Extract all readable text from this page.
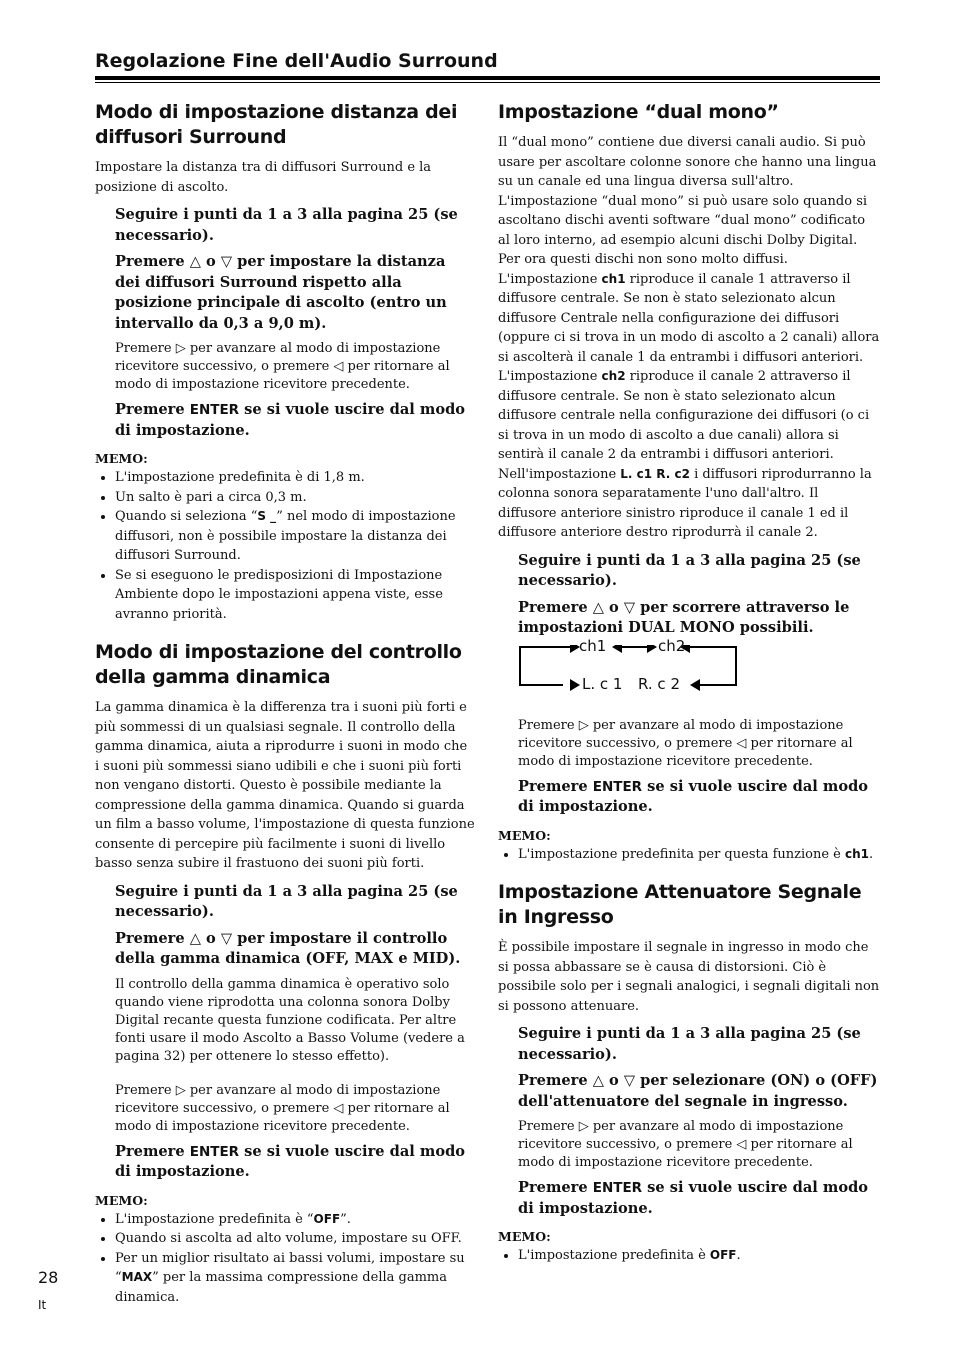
Regolazione Fine dell'Audio Surround
Modo di impostazione distanza dei diffusori Surround

Impostare la distanza tra di diffusori Surround e la posizione di ascolto.

Seguire i punti da 1 a 3 alla pagina 25 (se necessario).
Premere △ o ▽ per impostare la distanza dei diffusori Surround rispetto alla posizione principale di ascolto (entro un intervallo da 0,3 a 9,0 m).
Premere ▷ per avanzare al modo di impostazione ricevitore successivo, o premere ◁ per ritornare al modo di impostazione ricevitore precedente.
Premere ENTER se si vuole uscire dal modo di impostazione.
MEMO:
• L'impostazione predefinita è di 1,8 m.
• Un salto è pari a circa 0,3 m.
• Quando si seleziona “S _” nel modo di impostazione diffusori, non è possibile impostare la distanza dei diffusori Surround.
• Se si eseguono le predisposizioni di Impostazione Ambiente dopo le impostazioni appena viste, esse avranno priorità.
Modo di impostazione del controllo della gamma dinamica

La gamma dinamica è la differenza tra i suoni più forti e più sommessi di un qualsiasi segnale. Il controllo della gamma dinamica, aiuta a riprodurre i suoni in modo che i suoni più sommessi siano udibili e che i suoni più forti non vengano distorti. Questo è possibile mediante la compressione della gamma dinamica. Quando si guarda un film a basso volume, l'impostazione di questa funzione consente di percepire più facilmente i suoni di livello basso senza subire il frastuono dei suoni più forti.

Seguire i punti da 1 a 3 alla pagina 25 (se necessario).
Premere △ o ▽ per impostare il controllo della gamma dinamica (OFF, MAX e MID).
Il controllo della gamma dinamica è operativo solo quando viene riprodotta una colonna sonora Dolby Digital recante questa funzione codificata. Per altre fonti usare il modo Ascolto a Basso Volume (vedere a pagina 32) per ottenere lo stesso effetto).
Premere ▷ per avanzare al modo di impostazione ricevitore successivo, o premere ◁ per ritornare al modo di impostazione ricevitore precedente.
Premere ENTER se si vuole uscire dal modo di impostazione.
MEMO:
• L'impostazione predefinita è “OFF”.
• Quando si ascolta ad alto volume, impostare su OFF.
• Per un miglior risultato ai bassi volumi, impostare su “MAX” per la massima compressione della gamma dinamica.
Impostazione “dual mono”

Il “dual mono” contiene due diversi canali audio. Si può usare per ascoltare colonne sonore che hanno una lingua su un canale ed una lingua diversa sull'altro. L'impostazione “dual mono” si può usare solo quando si ascoltano dischi aventi software “dual mono” codificato al loro interno, ad esempio alcuni dischi Dolby Digital. Per ora questi dischi non sono molto diffusi. L'impostazione ch1 riproduce il canale 1 attraverso il diffusore centrale. Se non è stato selezionato alcun diffusore Centrale nella configurazione dei diffusori (oppure ci si trova in un modo di ascolto a 2 canali) allora si ascolterà il canale 1 da entrambi i diffusori anteriori. L'impostazione ch2 riproduce il canale 2 attraverso il diffusore centrale. Se non è stato selezionato alcun diffusore centrale nella configurazione dei diffusori (o ci si trova in un modo di ascolto a due canali) allora si sentirà il canale 2 da entrambi i diffusori anteriori. Nell'impostazione L. c1 R. c2 i diffusori riprodurranno la colonna sonora separatamente l'uno dall'altro. Il diffusore anteriore sinistro riproduce il canale 1 ed il diffusore anteriore destro riprodurrà il canale 2.

Seguire i punti da 1 a 3 alla pagina 25 (se necessario).
Premere △ o ▽ per scorrere attraverso le impostazioni DUAL MONO possibili.
ch1	ch2
L. c 1 R. c 2
Premere ▷ per avanzare al modo di impostazione ricevitore successivo, o premere ◁ per ritornare al modo di impostazione ricevitore precedente.
Premere ENTER se si vuole uscire dal modo di impostazione.
MEMO:
• L'impostazione predefinita per questa funzione è ch1.
Impostazione Attenuatore Segnale in Ingresso

È possibile impostare il segnale in ingresso in modo che si possa abbassare se è causa di distorsioni. Ciò è possibile solo per i segnali analogici, i segnali digitali non si possono attenuare.

Seguire i punti da 1 a 3 alla pagina 25 (se necessario).
Premere △ o ▽ per selezionare (ON) o (OFF) dell'attenuatore del segnale in ingresso.
Premere ▷ per avanzare al modo di impostazione ricevitore successivo, o premere ◁ per ritornare al modo di impostazione ricevitore precedente.
Premere ENTER se si vuole uscire dal modo di impostazione.
MEMO:
• L'impostazione predefinita è OFF.
28
It
